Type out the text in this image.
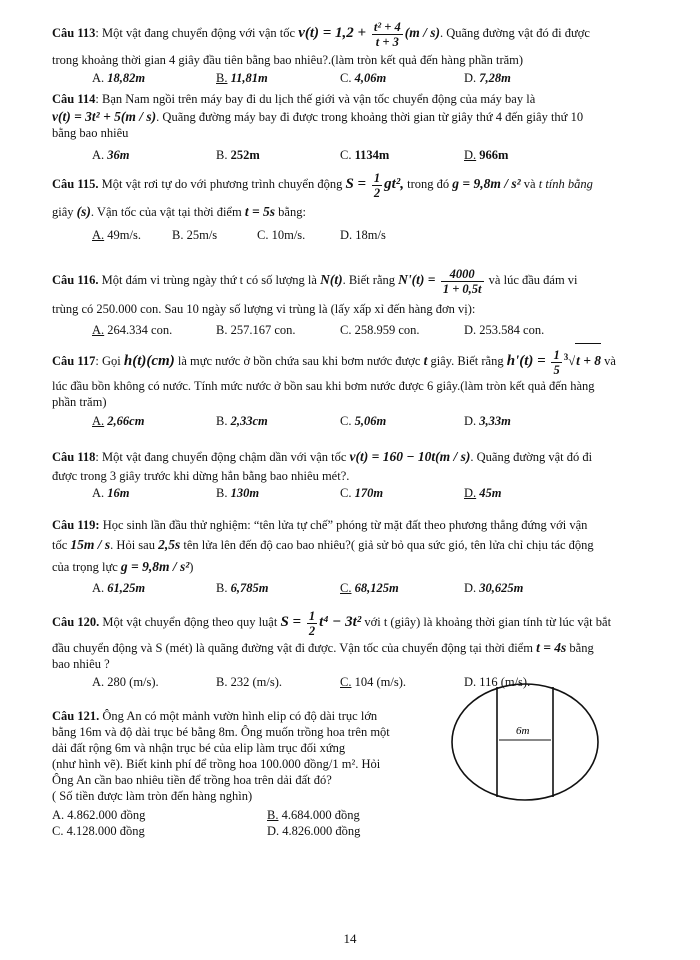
Câu 113: Một vật đang chuyển động với vận tốc $v(t) = 1,2 + \frac{\text{t² + 4}}{t + 3} (m / s)$. Quãng đường vật đó đi được
trong khoảng thời gian 4 giây đầu tiên bằng bao nhiêu?.(làm tròn kết quả đến hàng phần trăm)
A. 18,82m	B. 11,81m	C. 4,06m	D. 7,28m
Câu 114: Bạn Nam ngồi trên máy bay đi du lịch thế giới và vận tốc chuyển động của máy bay là
v(t) = 3t² + 5(m / s). Quãng đường máy bay đi được trong khoảng thời gian từ giây thứ 4 đến giây thứ 10
bằng bao nhiêu
A. 36m	B. 252m	C. 1134m	D. 966m
Câu 115. Một vật rơi tự do với phương trình chuyển động $S = \frac{1}{2} gt^2$, trong đó g = 9,8m / s² và t tính bằng
giây (s). Vận tốc của vật tại thời điểm t = 5s bằng:
A. 49m/s. B. 25m/s	C. 10m/s.	D. 18m/s
Câu 116. Một đám vi trùng ngày thứ t có số lượng là N(t). Biết rằng $N'(t) = \frac{4000}{1 + 0,5t}$ và lúc đầu đám vi
trùng có 250.000 con. Sau 10 ngày số lượng vi trùng là (lấy xấp xỉ đến hàng đơn vị):
A. 264.334 con.	B. 257.167 con.	C. 258.959 con.	D. 253.584 con.
Câu 117: Gọi h(t)(cm) là mực nước ở bồn chứa sau khi bơm nước được t giây. Biết rằng $h'(t) = \frac{1}{5} ^3√t + 8$ và
lúc đầu bồn không có nước. Tính mức nước ở bồn sau khi bơm nước được 6 giây.(làm tròn kết quả đến hàng
phần trăm)
A. 2,66cm	B. 2,33cm	C. 5,06m	D. 3,33m
Câu 118: Một vật đang chuyển động chậm dần với vận tốc v(t) = 160 − 10t(m / s). Quãng đường vật đó đi
được trong 3 giây trước khi dừng hẳn bằng bao nhiêu mét?.
A. 16m	B. 130m	C. 170m	D. 45m
Câu 119: Học sinh lần đầu thử nghiệm: “tên lửa tự chế” phóng từ mặt đất theo phương thẳng đứng với vận
tốc 15m / s. Hỏi sau 2,5s tên lửa lên đến độ cao bao nhiêu?( giả sử bỏ qua sức gió, tên lửa chỉ chịu tác động
của trọng lực g = 9,8m / s²)
A. 61,25m	B. 6,785m	C. 68,125m	D. 30,625m
Câu 120. Một vật chuyển động theo quy luật $S = \frac{1}{2} t^4 - 3t^2$ với t (giây) là khoảng thời gian tính từ lúc vật bắt
đầu chuyển động và S (mét) là quãng đường vật đi được. Vận tốc của chuyển động tại thời điểm t = 4s bằng
bao nhiêu ?
A. 280 (m/s).	B. 232 (m/s).	C. 104 (m/s).	D. 116 (m/s).
Câu 121. Ông An có một mảnh vườn hình elip có độ dài trục lớn
bằng 16m và độ dài trục bé bằng 8m. Ông muốn trồng hoa trên một
dải đất rộng 6m và nhận trục bé của elip làm trục đối xứng
(như hình vẽ). Biết kinh phí để trồng hoa 100.000 đồng/1 m². Hỏi
Ông An cần bao nhiêu tiền để trồng hoa trên dải đất đó?
( Số tiền được làm tròn đến hàng nghìn)
A. 4.862.000 đồng	B. 4.684.000 đồng
C. 4.128.000 đồng	D. 4.826.000 đồng
6m
14
